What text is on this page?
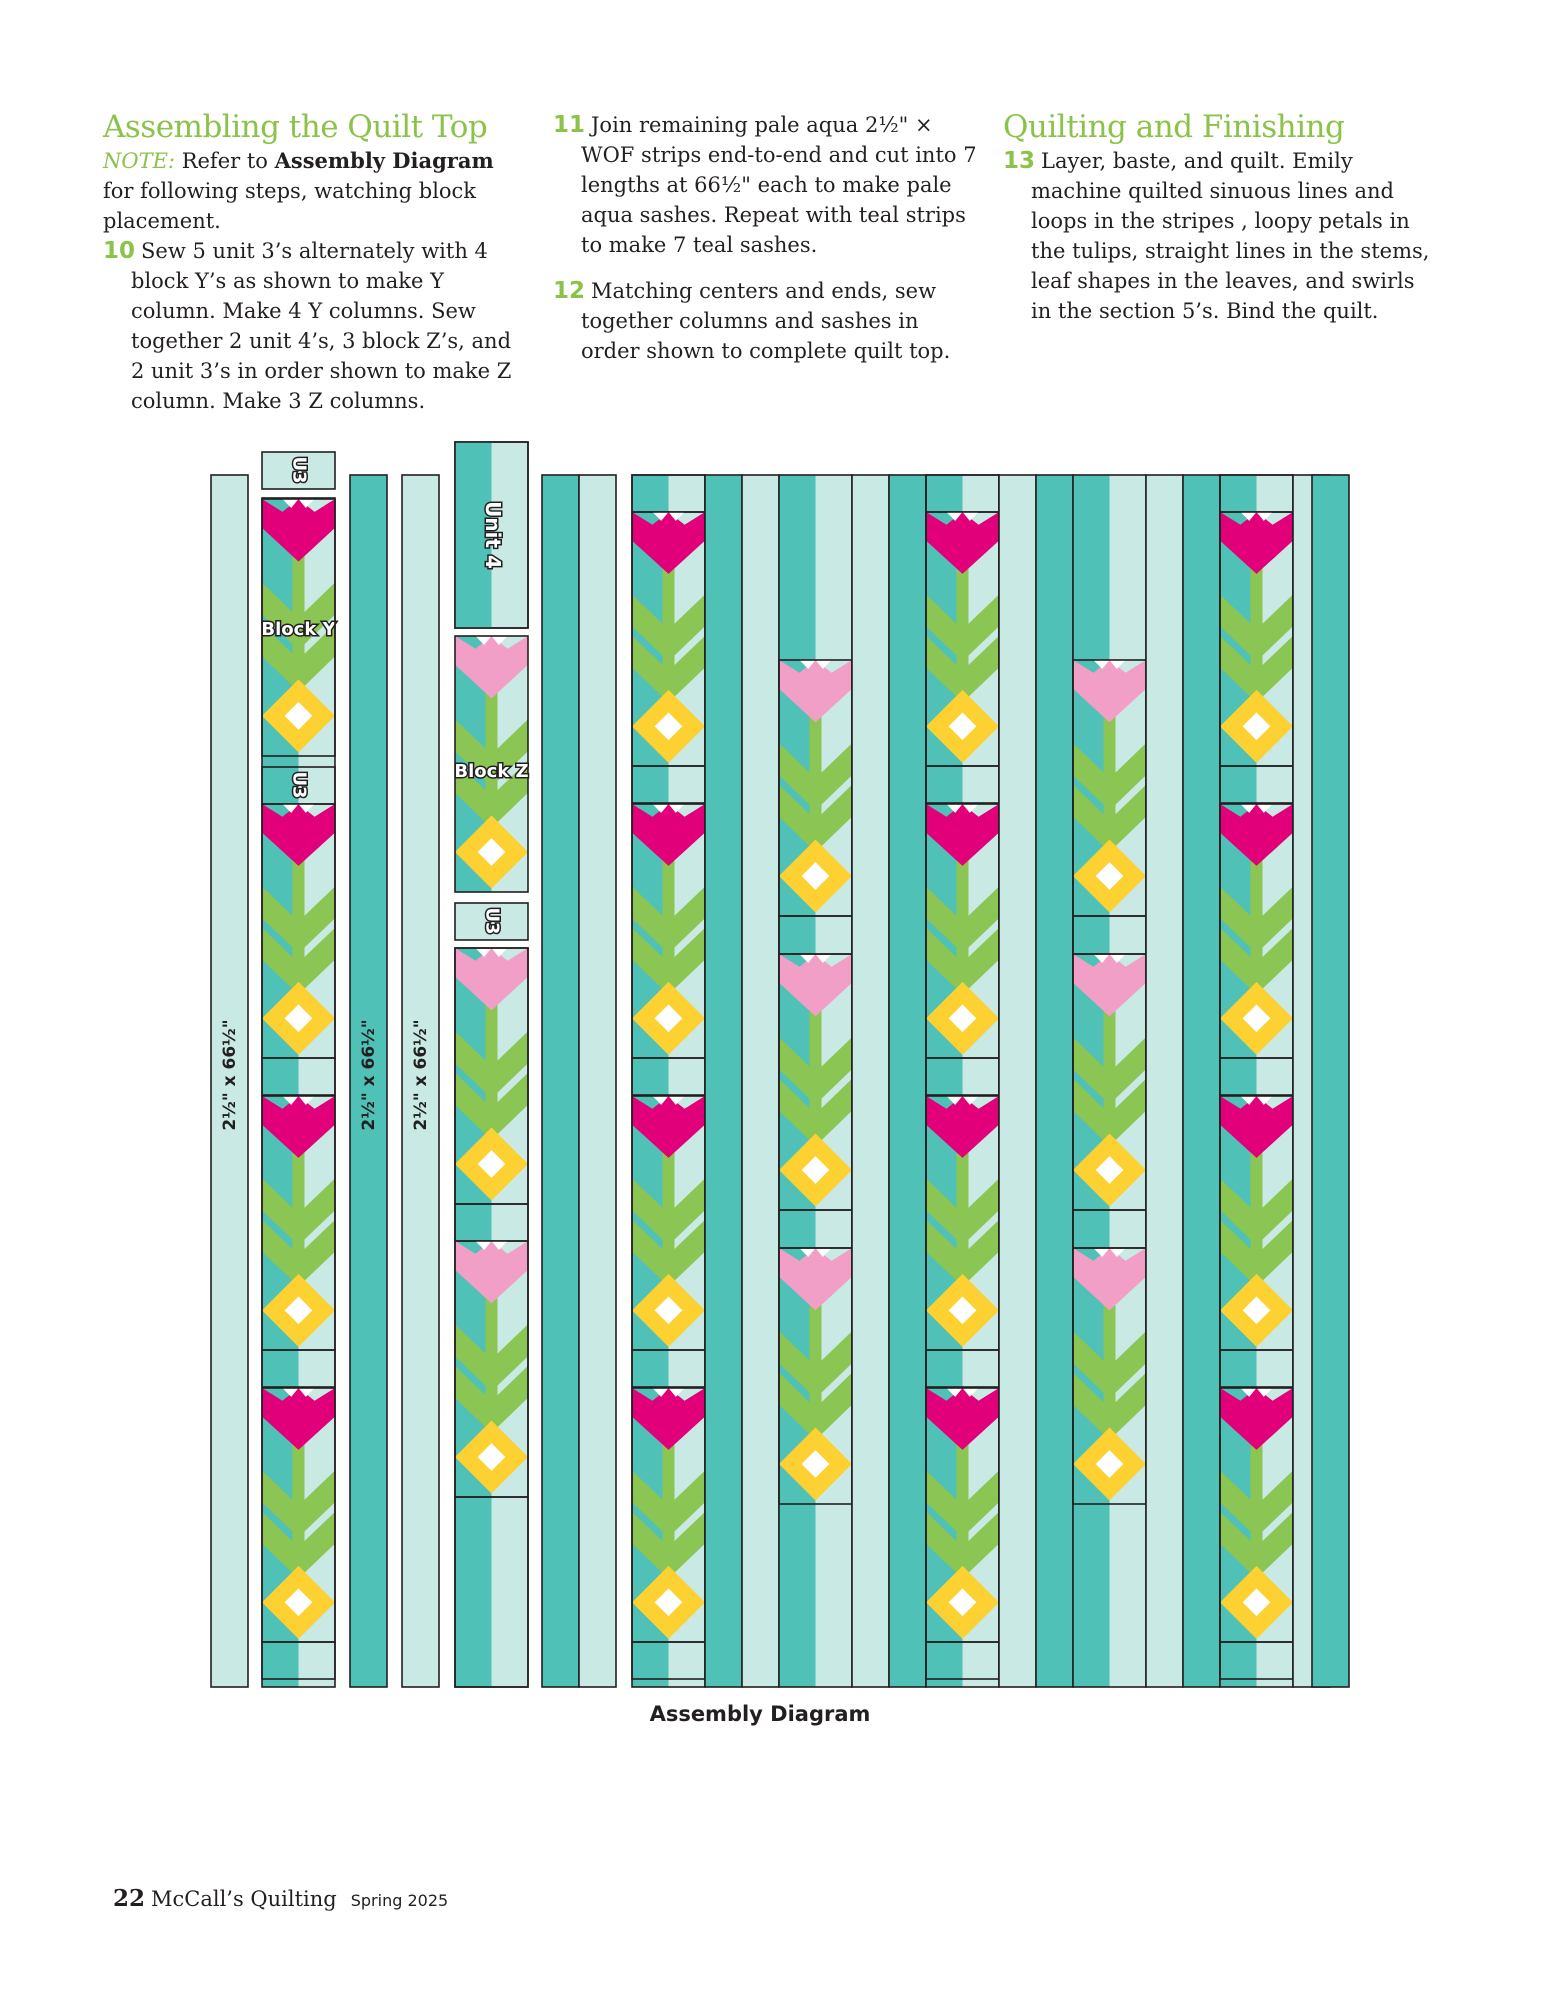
Assembling the Quilt Top

NOTE: Refer to Assembly Diagram for following steps, watching block placement.

10 Sew 5 unit 3’s alternately with 4 block Y’s as shown to make Y column. Make 4 Y columns. Sew together 2 unit 4’s, 3 block Z’s, and 2 unit 3’s in order shown to make Z column. Make 3 Z columns.

11 Join remaining pale aqua 2½" × WOF strips end-to-end and cut into 7 lengths at 66½" each to make pale aqua sashes. Repeat with teal strips to make 7 teal sashes.

12 Matching centers and ends, sew together columns and sashes in order shown to complete quilt top.

Quilting and Finishing

13 Layer, baste, and quilt. Emily machine quilted sinuous lines and loops in the stripes , loopy petals in the tulips, straight lines in the stems, leaf shapes in the leaves, and swirls in the section 5’s. Bind the quilt.

U3
U3
Block Y
Unit 4
Block Z
U3
2½" x 66½"	2½" x 66½" 2½" x 66½"
Assembly Diagram
22 McCall’s Quilting Spring 2025
